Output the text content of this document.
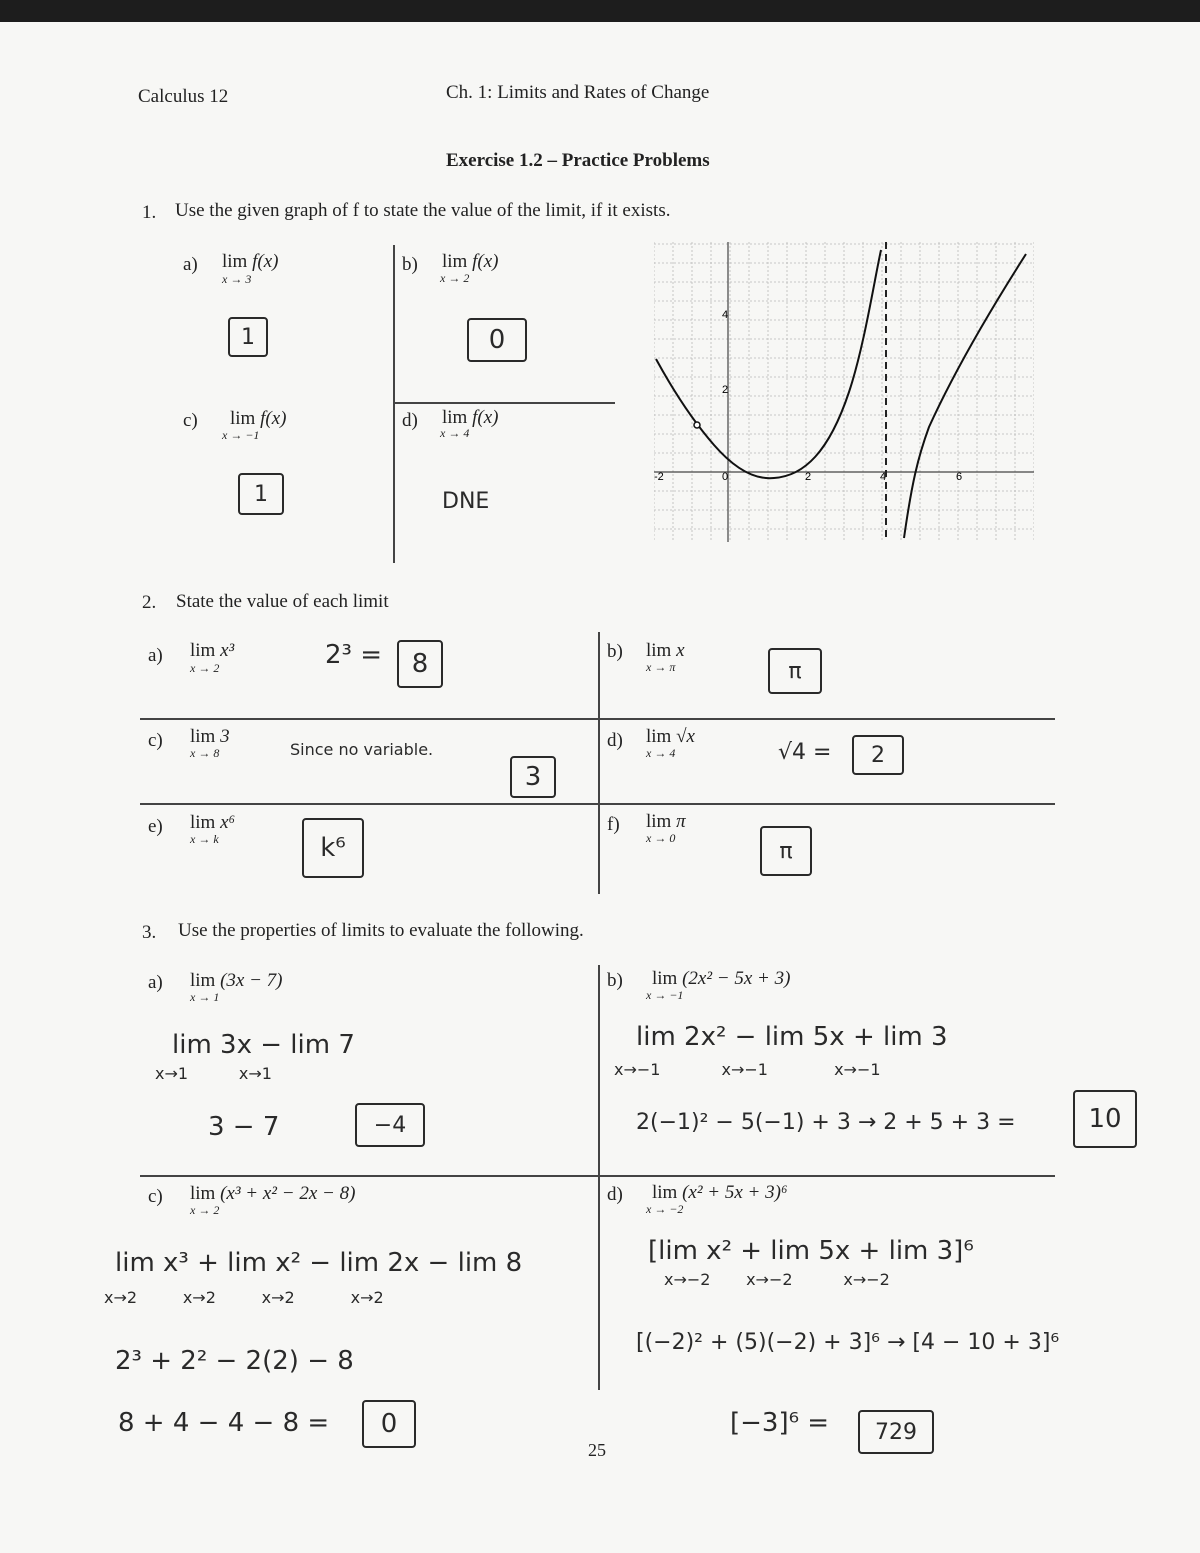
Calculus 12	Ch. 1: Limits and Rates of Change
Exercise 1.2 – Practice Problems
1. Use the given graph of f to state the value of the limit, if it exists.
a) lim f(x)
x → 3
1
b) lim f(x)
x → 2
0
c) lim f(x)
x → −1
1
d) lim f(x)
x → 4
DNE
-2	0	2	4	6
4
2
2. State the value of each limit
a) lim x³
x → 2	2³ =	8	b) lim x
x → π	π
c) lim 3
x → 8	Since no variable.
3
d) lim √x
x → 4	√4 =	2
e) lim x⁶
x → k	k⁶
f) lim π
x → 0
π
3. Use the properties of limits to evaluate the following.
a) lim (3x − 7)
x → 1
lim 3x − lim 7
x→1          x→1
3 − 7	−4
b) lim (2x² − 5x + 3)
x → −1
lim 2x² − lim 5x + lim 3
x→−1            x→−1             x→−1
2(−1)² − 5(−1) + 3 → 2 + 5 + 3 =	10
c) lim (x³ + x² − 2x − 8)
x → 2
lim x³ + lim x² − lim 2x − lim 8
x→2         x→2         x→2           x→2
2³ + 2² − 2(2) − 8
8 + 4 − 4 − 8 =	0
d) lim (x² + 5x + 3)⁶
x → −2
[lim x² + lim 5x + lim 3]⁶
x→−2       x→−2          x→−2
[(−2)² + (5)(−2) + 3]⁶ → [4 − 10 + 3]⁶
[−3]⁶ =	729
25
